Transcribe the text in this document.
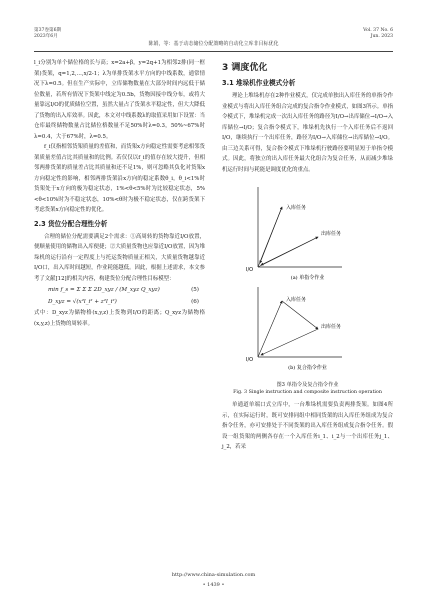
第37卷第6期
2023年6月
Vol. 37 No. 6
Jun. 2023
陈娟，等：基于动态储位分配策略的自动化立库非目标优化

l_i分别为单个储位格的长与高；x=2a+β，y=2q+1为相邻2排(同一框架)货架，q=1,2,…,x/2-1；λ为单排货架水平方向的中线系数，通常情况下λ=0.5。但在生产实际中，立库储物数量在大部分时间内远低于储位数量，若所有情况下货架中线定为0.5b，货物因接中线分布，或将大量靠远I/O的优质储位空置，虽然大量占了货架水平稳定性，但大大降低了货物的出入库效率。因此，本文对中线系数λ的取值采用如下设置：当仓库最终储物数量占比储位格数量不足50%时λ=0.3，50%~67%时λ=0.4，大于67%时，λ=0.5。

f_i仅指相邻货架质量的差值和，而货架x方向稳定性需要考虑相邻货架质量差值占比其质量和的比例。若仅仅以f_i的值存在较大提升，但相邻两排货架的质量差占比其质量和还不足1%，则可忽略其负化对货架x方向稳定性的影响，相邻两排货架沿x方向的稳定系数θ_i，θ_i<1%时货架处于x方向的极为稳定状态，1%<θ<5%时为比较稳定状态，5%<θ<10%时为不稳定状态，10%<θ时为极不稳定状态，仅在跨货架下考虑货架x方向稳定性的优化。

2.3 货位分配合理性分析

合理的储位分配需要满足2个需求：①高周转的货物靠近I/O放置，便顺量使用的储物出入库便捷；②大质量货物也应靠近I/O放置，因为堆垛机的运行沿有一定程度上与托运货物质量正相关，大质量货物越靠近I/O口，出入库时间越短，作业耗能越低。因此，根据上述需求，本文参考了文献[12]的相关内容，构建货位分配合理性目标模型：

min f_s = Σ Σ Σ 2D_xyz / (M_xyz Q_xyz)	(5)
D_xyz = √(x²l_i² + z²l_i²)	(6)

式中：D_xyz为储物格(x,y,z)上货物到I/O的距离；Q_xyz为储物格(x,y,z)上货物的周转率。

3 调度优化
3.1 堆垛机作业模式分析

理论上堆垛机存在2种作业模式，仅完成单独出入库任务的单指令作业模式与将出入库任务组合完成的复合指令作业模式，如图3所示。单指令模式下，堆垛机完成一次出入库任务的路径为I/O→出库储位→I/O→入库储位→I/O；复合指令模式下，堆垛机先执行一个入库任务后不返回I/O，继续执行一个出库任务，路径为I/O→入库储位→出库储位→I/O。由三边关系可得，复合指令模式下堆垛机行驶路径要明显短于单指令模式。因此，将独立的出入库任务最大化组合为复合任务，从而减少堆垛机运行时间与耗能是调度优化的重点。

入库任务
出库任务
I/O
(a) 单指令作业
入库任务
出库任务
I/O
(b) 复合指令作业
图3 单指令及复合指令作业
Fig. 3 Single instruction and composite instruction operation

单通道单端口式立库中，一台堆垛机需要负责两排货架。如图4所示，在实际运行时，既可安排同组中相同货架的出入库任务组成为复合指令任务，亦可安排处于不同货架的出入库任务组成复合指令任务。假设一组货架的两侧各存在一个入库任务i_1、i_2与一个出库任务j_1、j_2，若采

http://www.china-simulation.com
• 1439 •
